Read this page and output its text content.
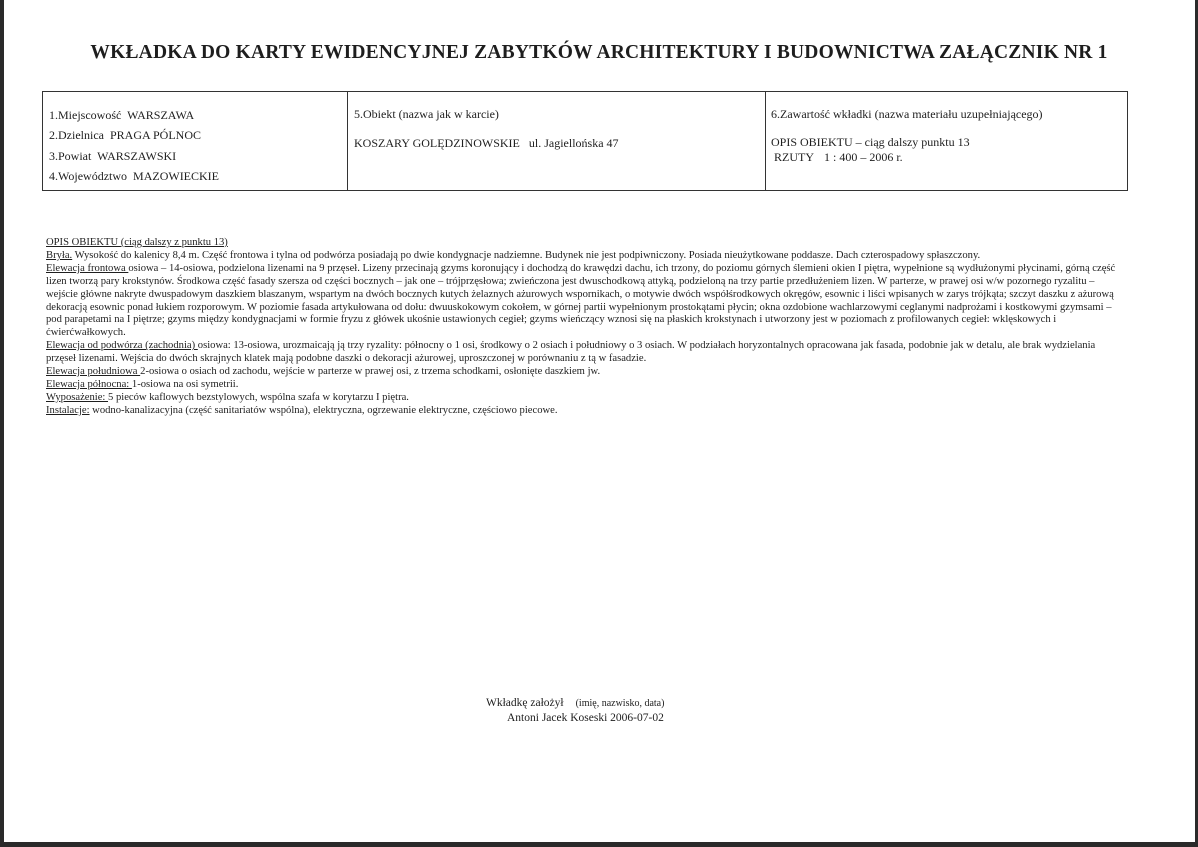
WKŁADKA DO KARTY EWIDENCYJNEJ ZABYTKÓW ARCHITEKTURY I BUDOWNICTWA ZAŁĄCZNIK NR 1
1.Miejscowość WARSZAWA
2.Dzielnica PRAGA PÓLNOC
3.Powiat WARSZAWSKI
4.Województwo MAZOWIECKIE
5.Obiekt (nazwa jak w karcie)
KOSZARY GOLĘDZINOWSKIE ul. Jagiellońska 47
6.Zawartość wkładki (nazwa materiału uzupełniającego)
OPIS OBIEKTU – ciąg dalszy punktu 13
RZUTY 1 : 400 – 2006 r.

OPIS OBIEKTU (ciąg dalszy z punktu 13)

Bryła. Wysokość do kalenicy 8,4 m. Część frontowa i tylna od podwórza posiadają po dwie kondygnacje nadziemne. Budynek nie jest podpiwniczony. Posiada nieużytkowane poddasze. Dach czterospadowy spłaszczony.

Elewacja frontowa osiowa – 14-osiowa, podzielona lizenami na 9 przęseł. Lizeny przecinają gzyms koronujący i dochodzą do krawędzi dachu, ich trzony, do poziomu górnych ślemieni okien I piętra, wypełnione są wydłużonymi płycinami, górną część lizen tworzą pary krokstynów. Środkowa część fasady szersza od części bocznych – jak one – trójprzęsłowa; zwieńczona jest dwuschodkową attyką, podzieloną na trzy partie przedłużeniem lizen. W parterze, w prawej osi w/w pozornego ryzalitu – wejście główne nakryte dwuspadowym daszkiem blaszanym, wspartym na dwóch bocznych kutych żelaznych ażurowych wspornikach, o motywie dwóch współśrodkowych okręgów, esownic i liści wpisanych w zarys trójkąta; szczyt daszku z ażurową dekoracją esownic ponad łukiem rozporowym. W poziomie fasada artykułowana od dołu: dwuuskokowym cokołem, w górnej partii wypełnionym prostokątami płycin; okna ozdobione wachlarzowymi ceglanymi nadprożami i kostkowymi gzymsami – pod parapetami na I piętrze; gzyms między kondygnacjami w formie fryzu z główek ukośnie ustawionych cegieł; gzyms wieńczący wznosi się na płaskich krokstynach i utworzony jest w poziomach z profilowanych cegieł: wklęskowych i ćwierćwałkowych.

Elewacja od podwórza (zachodnia) osiowa: 13-osiowa, urozmaicają ją trzy ryzality: północny o 1 osi, środkowy o 2 osiach i południowy o 3 osiach. W podziałach horyzontalnych opracowana jak fasada, podobnie jak w detalu, ale brak wydzielania przęseł lizenami. Wejścia do dwóch skrajnych klatek mają podobne daszki o dekoracji ażurowej, uproszczonej w porównaniu z tą w fasadzie.

Elewacja południowa 2-osiowa o osiach od zachodu, wejście w parterze w prawej osi, z trzema schodkami, osłonięte daszkiem jw.

Elewacja północna: 1-osiowa na osi symetrii.

Wyposażenie: 5 pieców kaflowych bezstylowych, wspólna szafa w korytarzu I piętra.

Instalacje: wodno-kanalizacyjna (część sanitariatów wspólna), elektryczna, ogrzewanie elektryczne, częściowo piecowe.

Wkładkę założył (imię, nazwisko, data)
Antoni Jacek Koseski 2006-07-02
